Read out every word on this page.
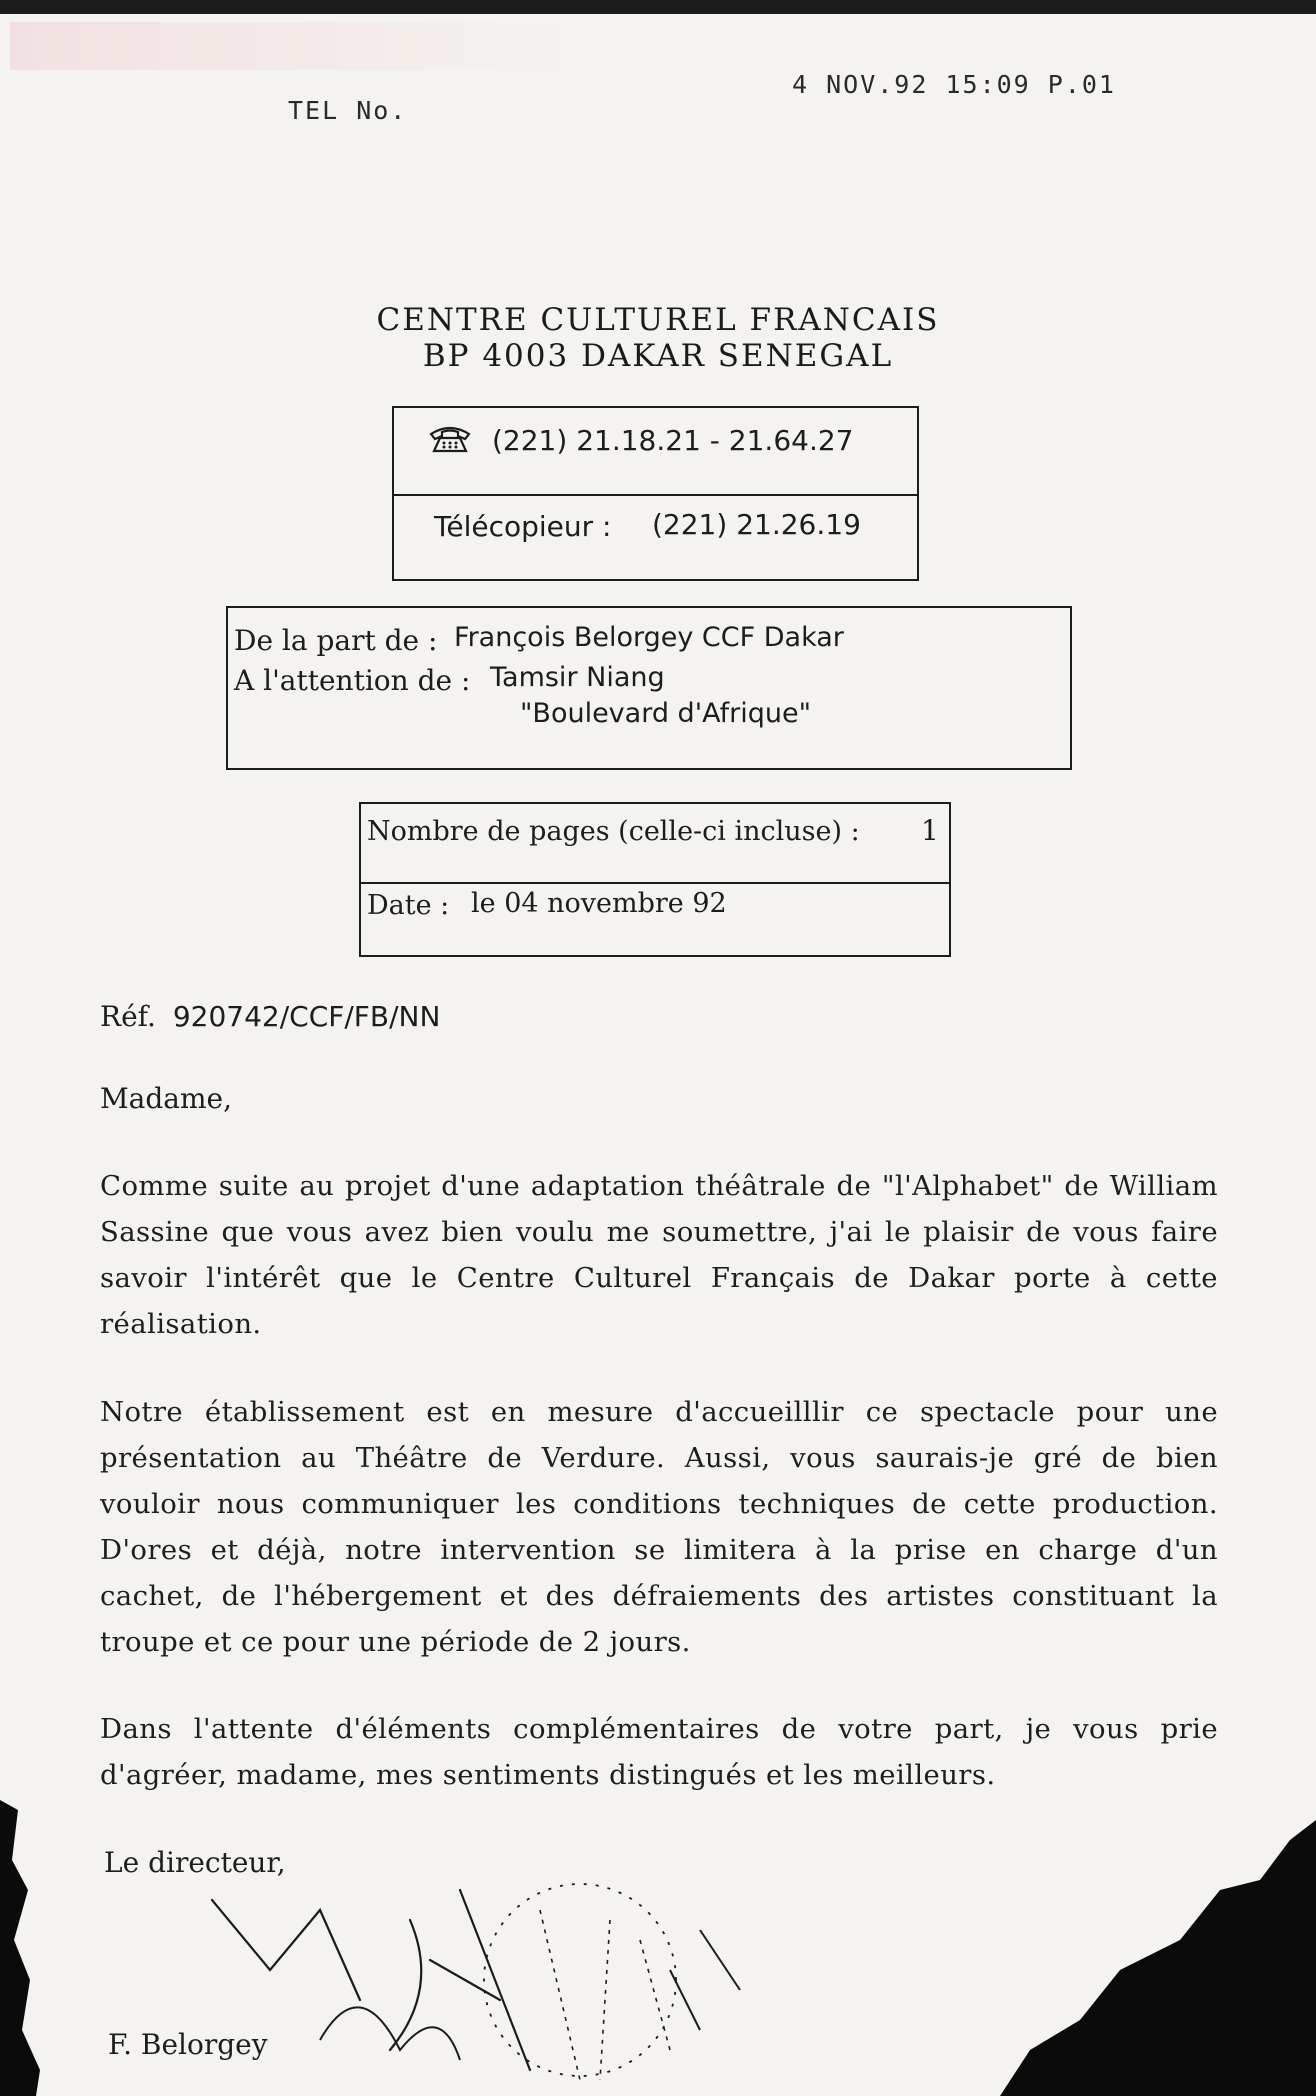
TEL No.
4 NOV.92 15:09 P.01
CENTRE CULTUREL FRANCAIS
BP 4003 DAKAR SENEGAL
(221) 21.18.21 - 21.64.27
Télécopieur : (221) 21.26.19
De la part de : François Belorgey CCF Dakar
A l'attention de : Tamsir Niang
"Boulevard d'Afrique"
Nombre de pages (celle-ci incluse) : 1
Date : le 04 novembre 92
Réf. 920742/CCF/FB/NN
Madame,
Comme suite au projet d'une adaptation théâtrale de "l'Alphabet" de William Sassine que vous avez bien voulu me soumettre, j'ai le plaisir de vous faire savoir l'intérêt que le Centre Culturel Français de Dakar porte à cette réalisation.
Notre établissement est en mesure d'accueilllir ce spectacle pour une présentation au Théâtre de Verdure. Aussi, vous saurais-je gré de bien vouloir nous communiquer les conditions techniques de cette production. D'ores et déjà, notre intervention se limitera à la prise en charge d'un cachet, de l'hébergement et des défraiements des artistes constituant la troupe et ce pour une période de 2 jours.
Dans l'attente d'éléments complémentaires de votre part, je vous prie d'agréer, madame, mes sentiments distingués et les meilleurs.
Le directeur,
F. Belorgey
